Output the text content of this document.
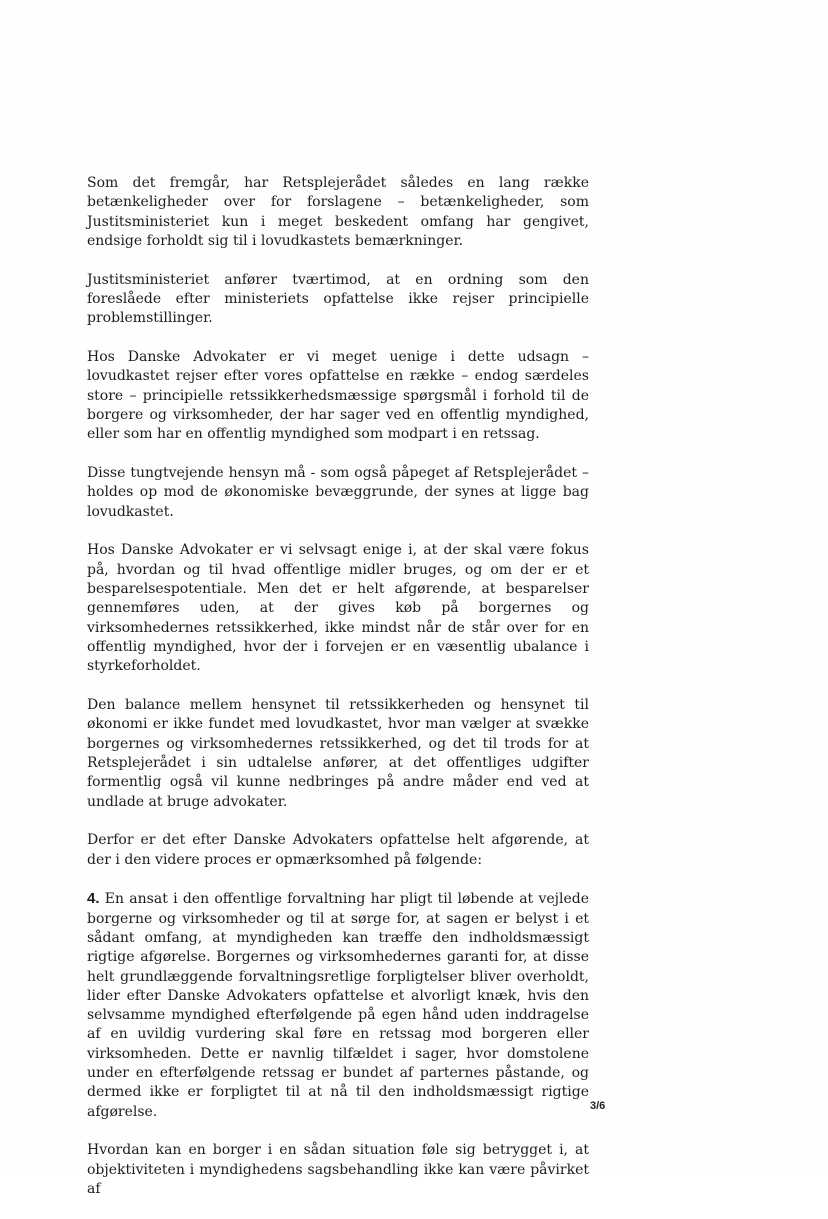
Som det fremgår, har Retsplejerådet således en lang række betænkeligheder over for forslagene – betænkeligheder, som Justitsministeriet kun i meget beskedent omfang har gengivet, endsige forholdt sig til i lovudkastets bemærkninger.

Justitsministeriet anfører tværtimod, at en ordning som den foreslåede efter ministeriets opfattelse ikke rejser principielle problemstillinger.

Hos Danske Advokater er vi meget uenige i dette udsagn – lovudkastet rejser efter vores opfattelse en række – endog særdeles store – principielle retssikkerhedsmæssige spørgsmål i forhold til de borgere og virksomheder, der har sager ved en offentlig myndighed, eller som har en offentlig myndighed som modpart i en retssag.

Disse tungtvejende hensyn må - som også påpeget af Retsplejerådet – holdes op mod de økonomiske bevæggrunde, der synes at ligge bag lovudkastet.

Hos Danske Advokater er vi selvsagt enige i, at der skal være fokus på, hvordan og til hvad offentlige midler bruges, og om der er et besparelsespotentiale. Men det er helt afgørende, at besparelser gennemføres uden, at der gives køb på borgernes og virksomhedernes retssikkerhed, ikke mindst når de står over for en offentlig myndighed, hvor der i forvejen er en væsentlig ubalance i styrkeforholdet.

Den balance mellem hensynet til retssikkerheden og hensynet til økonomi er ikke fundet med lovudkastet, hvor man vælger at svække borgernes og virksomhedernes retssikkerhed, og det til trods for at Retsplejerådet i sin udtalelse anfører, at det offentliges udgifter formentlig også vil kunne nedbringes på andre måder end ved at undlade at bruge advokater.

Derfor er det efter Danske Advokaters opfattelse helt afgørende, at der i den videre proces er opmærksomhed på følgende:

4. En ansat i den offentlige forvaltning har pligt til løbende at vejlede borgerne og virksomheder og til at sørge for, at sagen er belyst i et sådant omfang, at myndigheden kan træffe den indholdsmæssigt rigtige afgørelse. Borgernes og virksomhedernes garanti for, at disse helt grundlæggende forvaltningsretlige forpligtelser bliver overholdt, lider efter Danske Advokaters opfattelse et alvorligt knæk, hvis den selvsamme myndighed efterfølgende på egen hånd uden inddragelse af en uvildig vurdering skal føre en retssag mod borgeren eller virksomheden. Dette er navnlig tilfældet i sager, hvor domstolene under en efterfølgende retssag er bundet af parternes påstande, og dermed ikke er forpligtet til at nå til den indholdsmæssigt rigtige afgørelse.

Hvordan kan en borger i en sådan situation føle sig betrygget i, at objektiviteten i myndighedens sagsbehandling ikke kan være påvirket af

3/6
